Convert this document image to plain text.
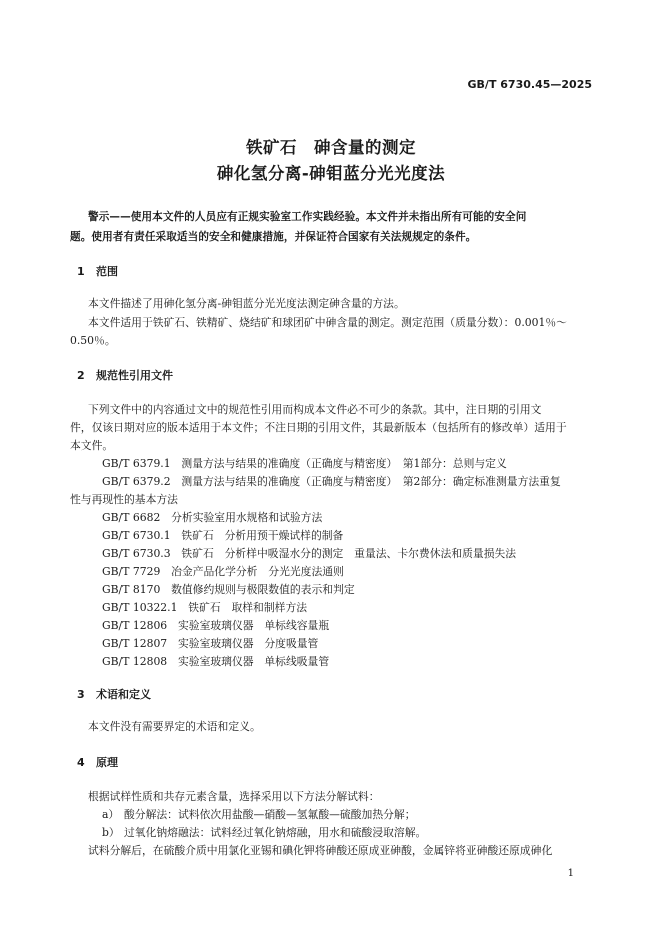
GB/T 6730.45—2025
铁矿石　砷含量的测定
砷化氢分离-砷钼蓝分光光度法
警示——使用本文件的人员应有正规实验室工作实践经验。本文件并未指出所有可能的安全问
题。使用者有责任采取适当的安全和健康措施，并保证符合国家有关法规规定的条件。
1 范围
本文件描述了用砷化氢分离-砷钼蓝分光光度法测定砷含量的方法。
本文件适用于铁矿石、铁精矿、烧结矿和球团矿中砷含量的测定。测定范围（质量分数）：0.001％～
0.50％。
2 规范性引用文件
下列文件中的内容通过文中的规范性引用而构成本文件必不可少的条款。其中，注日期的引用文
件，仅该日期对应的版本适用于本文件；不注日期的引用文件，其最新版本（包括所有的修改单）适用于
本文件。
GB/T 6379.1　测量方法与结果的准确度（正确度与精密度）　第1部分：总则与定义
GB/T 6379.2　测量方法与结果的准确度（正确度与精密度）　第2部分：确定标准测量方法重复
性与再现性的基本方法
GB/T 6682　分析实验室用水规格和试验方法
GB/T 6730.1　铁矿石　分析用预干燥试样的制备
GB/T 6730.3　铁矿石　分析样中吸湿水分的测定　重量法、卡尔费休法和质量损失法
GB/T 7729　冶金产品化学分析　分光光度法通则
GB/T 8170　数值修约规则与极限数值的表示和判定
GB/T 10322.1　铁矿石　取样和制样方法
GB/T 12806　实验室玻璃仪器　单标线容量瓶
GB/T 12807　实验室玻璃仪器　分度吸量管
GB/T 12808　实验室玻璃仪器　单标线吸量管
3 术语和定义
本文件没有需要界定的术语和定义。
4 原理
根据试样性质和共存元素含量，选择采用以下方法分解试料：
a） 酸分解法：试料依次用盐酸—硝酸—氢氟酸—硫酸加热分解；
b） 过氧化钠熔融法：试料经过氧化钠熔融，用水和硫酸浸取溶解。
试料分解后，在硫酸介质中用氯化亚锡和碘化钾将砷酸还原成亚砷酸，金属锌将亚砷酸还原成砷化
1
